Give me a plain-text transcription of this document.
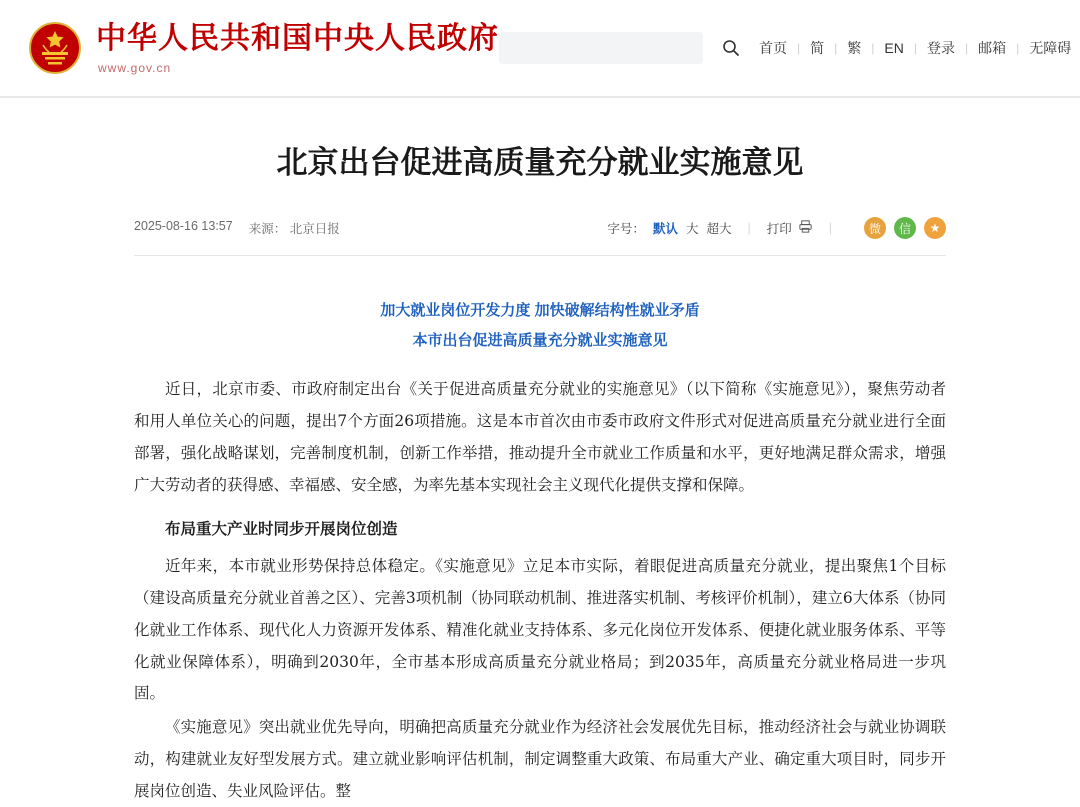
中华人民共和国中央人民政府
www.gov.cn
首页 | 简 | 繁 | EN | 登录 | 邮箱 | 无障碍
北京出台促进高质量充分就业实施意见
2025-08-16 13:57 来源： 北京日报	字号： 默认 大 超大 | 打印	|	微	信	★
加大就业岗位开发力度 加快破解结构性就业矛盾
本市出台促进高质量充分就业实施意见

近日，北京市委、市政府制定出台《关于促进高质量充分就业的实施意见》（以下简称《实施意见》），聚焦劳动者和用人单位关心的问题，提出7个方面26项措施。这是本市首次由市委市政府文件形式对促进高质量充分就业进行全面部署，强化战略谋划，完善制度机制，创新工作举措，推动提升全市就业工作质量和水平，更好地满足群众需求，增强广大劳动者的获得感、幸福感、安全感，为率先基本实现社会主义现代化提供支撑和保障。

布局重大产业时同步开展岗位创造

近年来，本市就业形势保持总体稳定。《实施意见》立足本市实际，着眼促进高质量充分就业，提出聚焦1个目标（建设高质量充分就业首善之区）、完善3项机制（协同联动机制、推进落实机制、考核评价机制），建立6大体系（协同化就业工作体系、现代化人力资源开发体系、精准化就业支持体系、多元化岗位开发体系、便捷化就业服务体系、平等化就业保障体系），明确到2030年，全市基本形成高质量充分就业格局；到2035年，高质量充分就业格局进一步巩固。

《实施意见》突出就业优先导向，明确把高质量充分就业作为经济社会发展优先目标，推动经济社会与就业协调联动，构建就业友好型发展方式。建立就业影响评估机制，制定调整重大政策、布局重大产业、确定重大项目时，同步开展岗位创造、失业风险评估。整
